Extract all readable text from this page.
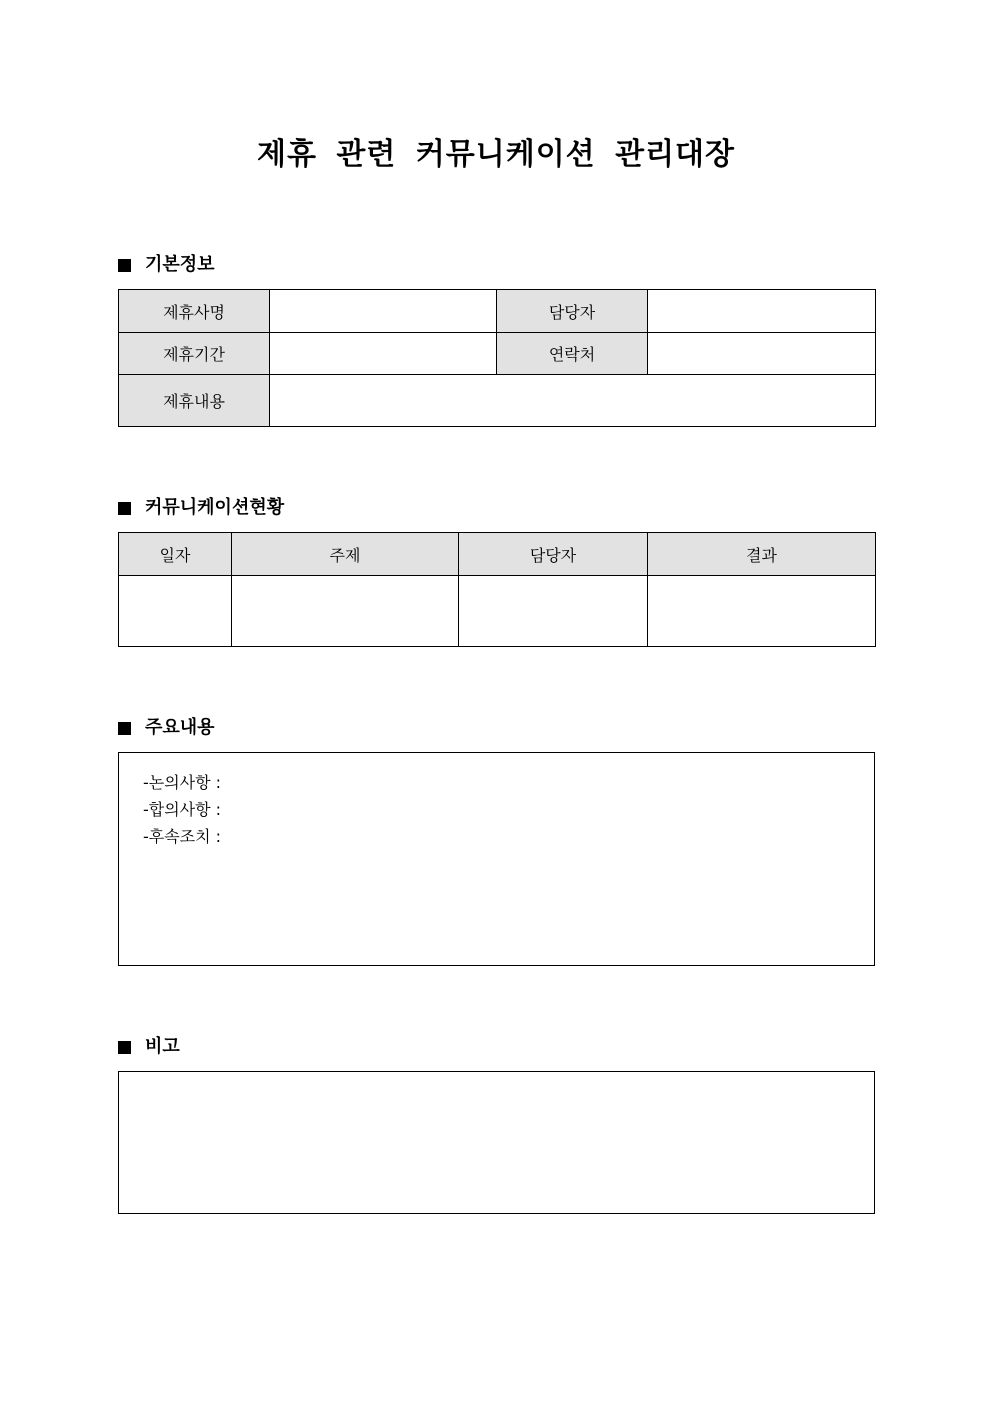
제휴 관련 커뮤니케이션 관리대장
기본정보
제휴사명		담당자	
제휴기간		연락처	
제휴내용			
커뮤니케이션현황
일자	주제	담당자	결과

주요내용
-논의사항 :
-합의사항 :
-후속조치 :
비고
